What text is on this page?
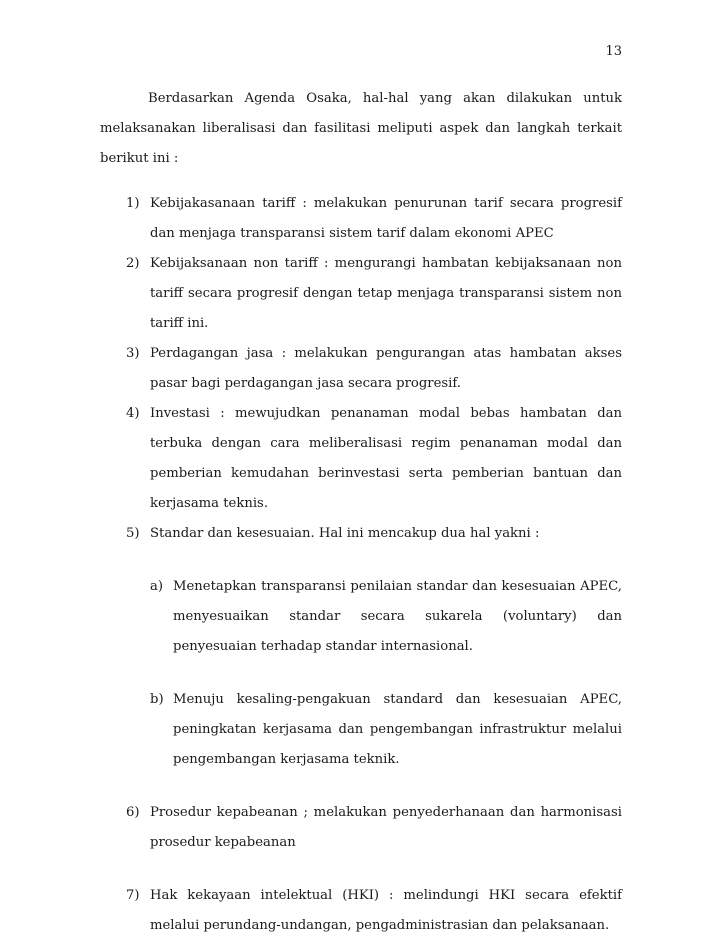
13

Berdasarkan Agenda Osaka, hal-hal yang akan dilakukan untuk melaksanakan liberalisasi dan fasilitasi meliputi aspek dan langkah terkait berikut ini :

1) Kebijakasanaan tariff : melakukan penurunan tarif secara progresif dan menjaga transparansi sistem tarif dalam ekonomi APEC
2) Kebijaksanaan non tariff : mengurangi hambatan kebijaksanaan non tariff secara progresif dengan tetap menjaga transparansi sistem non tariff ini.
3) Perdagangan jasa : melakukan pengurangan atas hambatan akses pasar bagi perdagangan jasa secara progresif.
4) Investasi : mewujudkan penanaman modal bebas hambatan dan terbuka dengan cara meliberalisasi regim penanaman modal dan pemberian kemudahan berinvestasi serta pemberian bantuan dan kerjasama teknis.
5) Standar dan kesesuaian. Hal ini mencakup dua hal yakni :
a) Menetapkan transparansi penilaian standar dan kesesuaian APEC, menyesuaikan standar secara sukarela (voluntary) dan penyesuaian terhadap standar internasional.
b) Menuju kesaling-pengakuan standard dan kesesuaian APEC, peningkatan kerjasama dan pengembangan infrastruktur melalui pengembangan kerjasama teknik.
6) Prosedur kepabeanan ; melakukan penyederhanaan dan harmonisasi prosedur kepabeanan
7) Hak kekayaan intelektual (HKI) : melindungi HKI secara efektif melalui perundang-undangan, pengadministrasian dan pelaksanaan.
